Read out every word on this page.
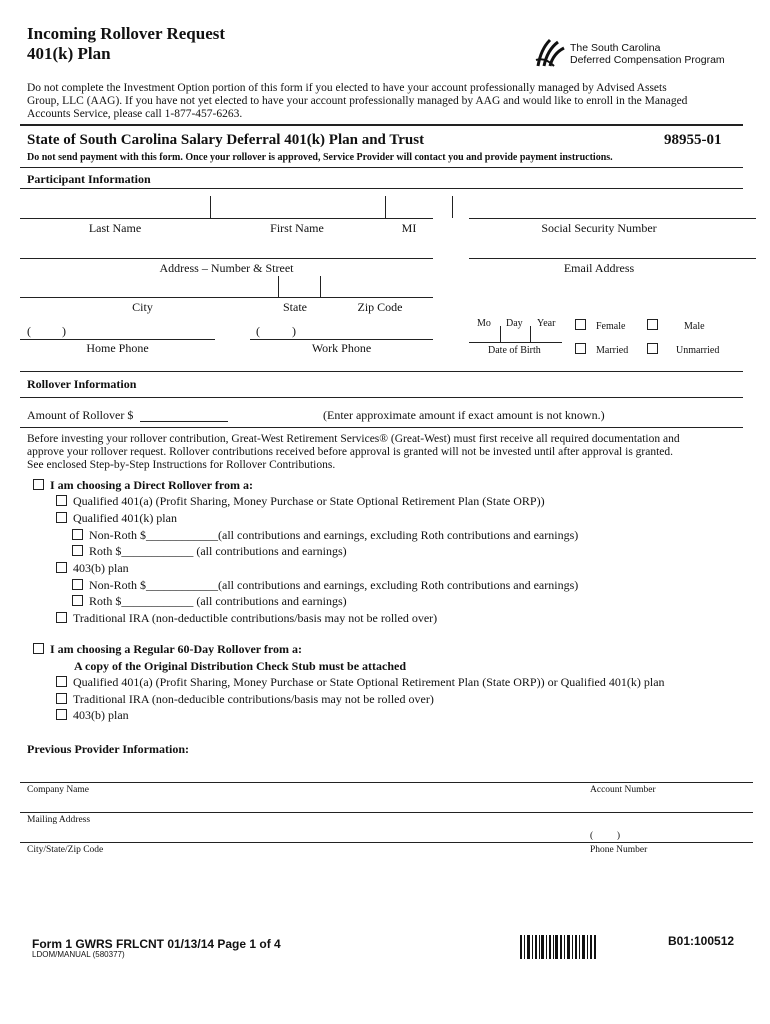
Incoming Rollover Request
401(k) Plan	The South Carolina
Deferred Compensation Program
Do not complete the Investment Option portion of this form if you elected to have your account professionally managed by Advised Assets
Group, LLC (AAG). If you have not yet elected to have your account professionally managed by AAG and would like to enroll in the Managed
Accounts Service, please call 1-877-457-6263.
State of South Carolina Salary Deferral 401(k) Plan and Trust	98955-01
Do not send payment with this form. Once your rollover is approved, Service Provider will contact you and provide payment instructions.
Participant Information
Last Name	First Name	MI	Social Security Number
Address – Number & Street	Email Address
City	State	Zip Code
(	)	(	)
Home Phone	Work Phone
Mo Day Year
Date of Birth
Female	Male
Married	Unmarried
Rollover Information
Amount of Rollover $	(Enter approximate amount if exact amount is not known.)
Before investing your rollover contribution, Great-West Retirement Services® (Great-West) must first receive all required documentation and
approve your rollover request. Rollover contributions received before approval is granted will not be invested until after approval is granted.
See enclosed Step-by-Step Instructions for Rollover Contributions.
I am choosing a Direct Rollover from a:
Qualified 401(a) (Profit Sharing, Money Purchase or State Optional Retirement Plan (State ORP))
Qualified 401(k) plan
Non-Roth $____________(all contributions and earnings, excluding Roth contributions and earnings)
Roth $____________ (all contributions and earnings)
403(b) plan
Non-Roth $____________(all contributions and earnings, excluding Roth contributions and earnings)
Roth $____________ (all contributions and earnings)
Traditional IRA (non-deductible contributions/basis may not be rolled over)
I am choosing a Regular 60-Day Rollover from a:
A copy of the Original Distribution Check Stub must be attached
Qualified 401(a) (Profit Sharing, Money Purchase or State Optional Retirement Plan (State ORP)) or Qualified 401(k) plan
Traditional IRA (non-deducible contributions/basis may not be rolled over)
403(b) plan
Previous Provider Information:
Company Name	Account Number
Mailing Address
(          )
City/State/Zip Code	Phone Number
Form 1 GWRS FRLCNT 01/13/14 Page 1 of 4
LDOM/MANUAL (580377)
B01:100512
